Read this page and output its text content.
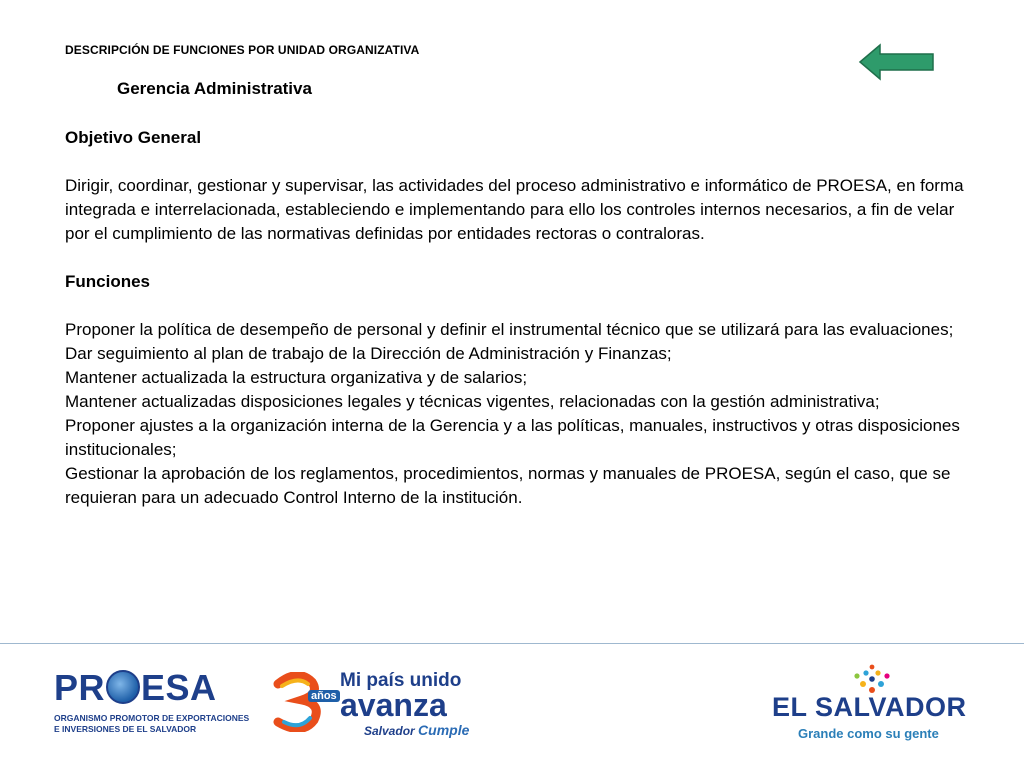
DESCRIPCIÓN DE FUNCIONES POR UNIDAD ORGANIZATIVA
Gerencia Administrativa

Objetivo General

Dirigir, coordinar, gestionar y supervisar, las actividades del proceso administrativo e informático de PROESA, en forma integrada e interrelacionada, estableciendo e implementando para ello los controles internos necesarios, a fin de velar por el cumplimiento de las normativas definidas por entidades rectoras o contraloras.

Funciones

Proponer la política de desempeño de personal y definir el instrumental técnico que se utilizará para las evaluaciones;

Dar seguimiento al plan de trabajo de la Dirección de Administración y Finanzas;

Mantener actualizada la estructura organizativa y de salarios;

Mantener actualizadas disposiciones legales y técnicas vigentes, relacionadas con la gestión administrativa;

Proponer ajustes a la organización interna de la Gerencia y a las políticas, manuales, instructivos y otras disposiciones institucionales;

Gestionar la aprobación de los reglamentos, procedimientos, normas y manuales de PROESA, según el caso, que se requieran para un adecuado Control Interno de la institución.

PR ESA
ORGANISMO PROMOTOR DE EXPORTACIONES
E INVERSIONES DE EL SALVADOR
años
Mi país unido
avanza
Salvador Cumple
EL SALVADOR
Grande como su gente
